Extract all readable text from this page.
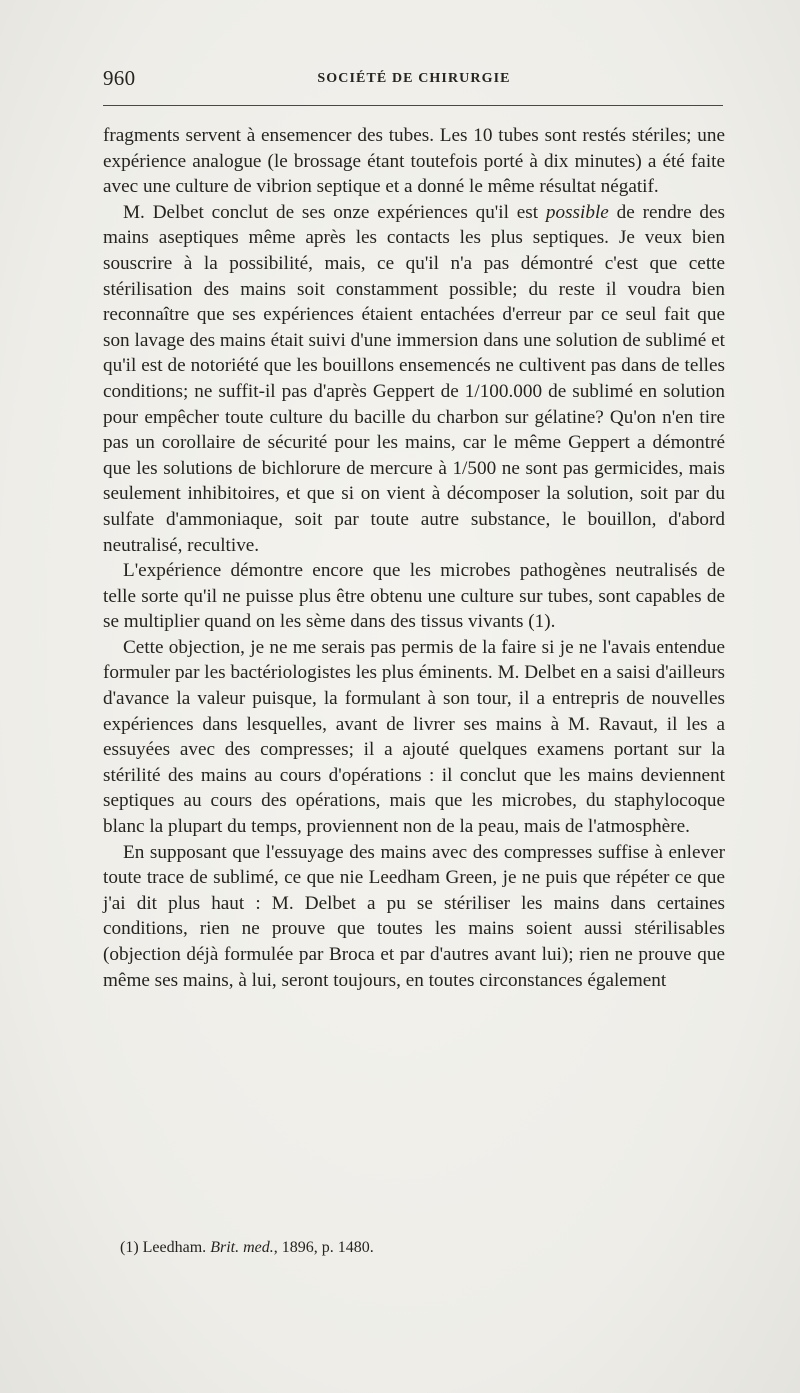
960	SOCIÉTÉ DE CHIRURGIE

fragments servent à ensemencer des tubes. Les 10 tubes sont restés stériles; une expérience analogue (le brossage étant toutefois porté à dix minutes) a été faite avec une culture de vibrion septique et a donné le même résultat négatif.

M. Delbet conclut de ses onze expériences qu'il est possible de rendre des mains aseptiques même après les contacts les plus septiques. Je veux bien souscrire à la possibilité, mais, ce qu'il n'a pas démontré c'est que cette stérilisation des mains soit constamment possible; du reste il voudra bien reconnaître que ses expériences étaient entachées d'erreur par ce seul fait que son lavage des mains était suivi d'une immersion dans une solution de sublimé et qu'il est de notoriété que les bouillons ensemencés ne cultivent pas dans de telles conditions; ne suffit-il pas d'après Geppert de 1/100.000 de sublimé en solution pour empêcher toute culture du bacille du charbon sur gélatine? Qu'on n'en tire pas un corollaire de sécurité pour les mains, car le même Geppert a démontré que les solutions de bichlorure de mercure à 1/500 ne sont pas germicides, mais seulement inhibitoires, et que si on vient à décomposer la solution, soit par du sulfate d'ammoniaque, soit par toute autre substance, le bouillon, d'abord neutralisé, recultive.

L'expérience démontre encore que les microbes pathogènes neutralisés de telle sorte qu'il ne puisse plus être obtenu une culture sur tubes, sont capables de se multiplier quand on les sème dans des tissus vivants (1).

Cette objection, je ne me serais pas permis de la faire si je ne l'avais entendue formuler par les bactériologistes les plus éminents. M. Delbet en a saisi d'ailleurs d'avance la valeur puisque, la formulant à son tour, il a entrepris de nouvelles expériences dans lesquelles, avant de livrer ses mains à M. Ravaut, il les a essuyées avec des compresses; il a ajouté quelques examens portant sur la stérilité des mains au cours d'opérations : il conclut que les mains deviennent septiques au cours des opérations, mais que les microbes, du staphylocoque blanc la plupart du temps, proviennent non de la peau, mais de l'atmosphère.

En supposant que l'essuyage des mains avec des compresses suffise à enlever toute trace de sublimé, ce que nie Leedham Green, je ne puis que répéter ce que j'ai dit plus haut : M. Delbet a pu se stériliser les mains dans certaines conditions, rien ne prouve que toutes les mains soient aussi stérilisables (objection déjà formulée par Broca et par d'autres avant lui); rien ne prouve que même ses mains, à lui, seront toujours, en toutes circonstances également

(1) Leedham. Brit. med., 1896, p. 1480.
